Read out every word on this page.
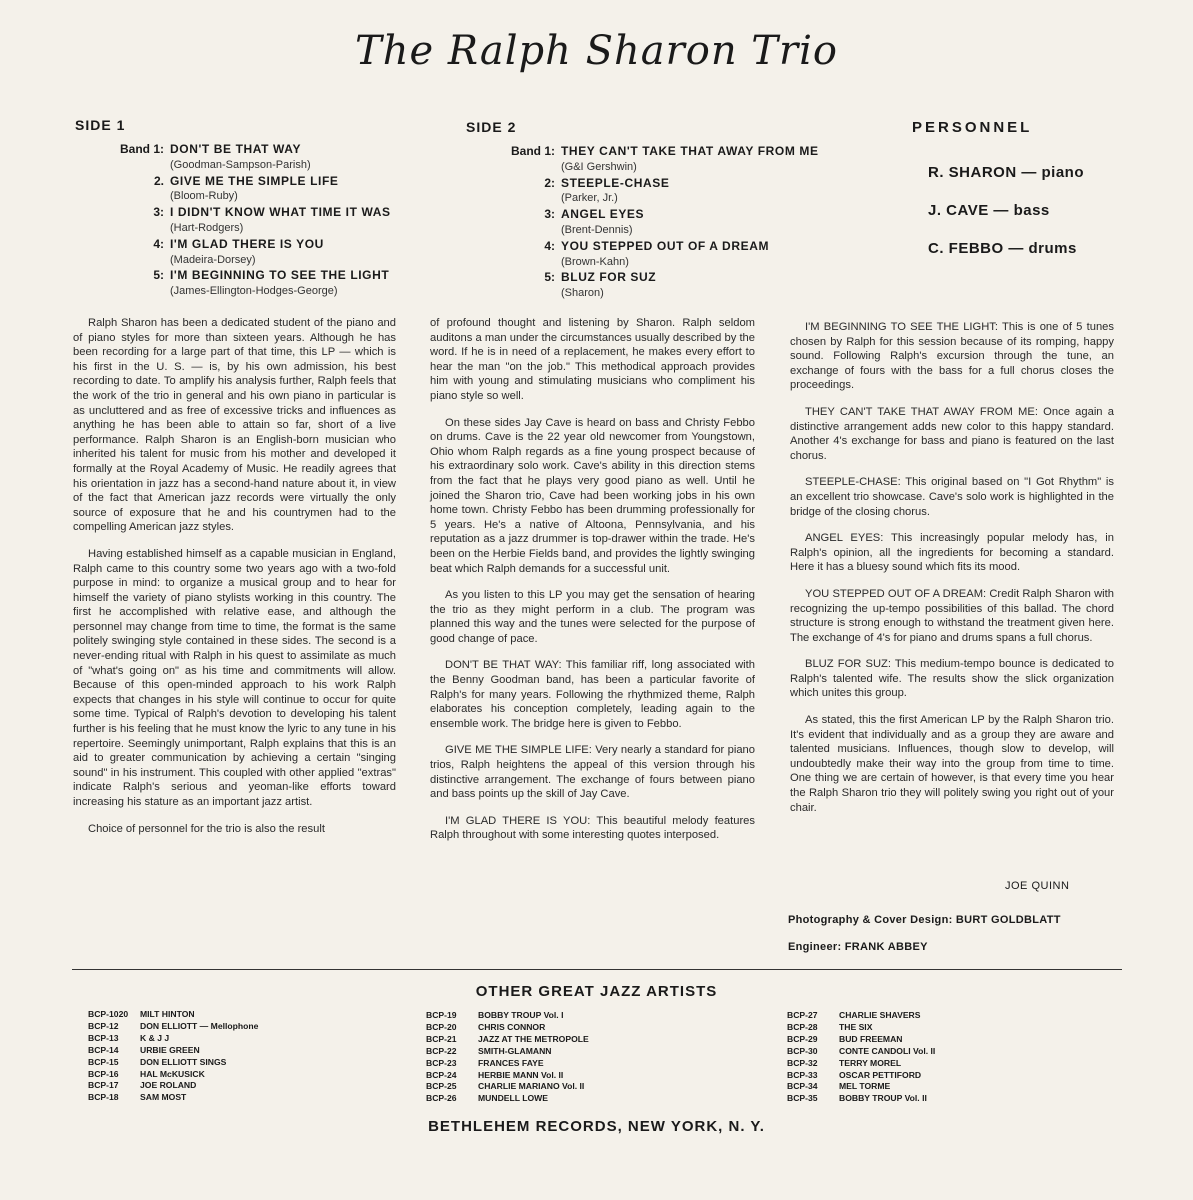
The Ralph Sharon Trio
SIDE 1
Band 1: DON'T BE THAT WAY
(Goodman-Sampson-Parish)
2. GIVE ME THE SIMPLE LIFE
(Bloom-Ruby)
3: I DIDN'T KNOW WHAT TIME IT WAS
(Hart-Rodgers)
4: I'M GLAD THERE IS YOU
(Madeira-Dorsey)
5: I'M BEGINNING TO SEE THE LIGHT
(James-Ellington-Hodges-George)
SIDE 2
Band 1: THEY CAN'T TAKE THAT AWAY FROM ME
(G&I Gershwin)
2: STEEPLE-CHASE
(Parker, Jr.)
3: ANGEL EYES
(Brent-Dennis)
4: YOU STEPPED OUT OF A DREAM
(Brown-Kahn)
5: BLUZ FOR SUZ
(Sharon)
PERSONNEL
R. SHARON — piano
J. CAVE — bass
C. FEBBO — drums

Ralph Sharon has been a dedicated student of the piano and of piano styles for more than sixteen years. Although he has been recording for a large part of that time, this LP — which is his first in the U. S. — is, by his own admission, his best recording to date. To amplify his analysis further, Ralph feels that the work of the trio in general and his own piano in particular is as uncluttered and as free of excessive tricks and influences as anything he has been able to attain so far, short of a live performance. Ralph Sharon is an English-born musician who inherited his talent for music from his mother and developed it formally at the Royal Academy of Music. He readily agrees that his orientation in jazz has a second-hand nature about it, in view of the fact that American jazz records were virtually the only source of exposure that he and his countrymen had to the compelling American jazz styles.

Having established himself as a capable musician in England, Ralph came to this country some two years ago with a two-fold purpose in mind: to organize a musical group and to hear for himself the variety of piano stylists working in this country. The first he accomplished with relative ease, and although the personnel may change from time to time, the format is the same politely swinging style contained in these sides. The second is a never-ending ritual with Ralph in his quest to assimilate as much of "what's going on" as his time and commitments will allow. Because of this open-minded approach to his work Ralph expects that changes in his style will continue to occur for quite some time. Typical of Ralph's devotion to developing his talent further is his feeling that he must know the lyric to any tune in his repertoire. Seemingly unimportant, Ralph explains that this is an aid to greater communication by achieving a certain "singing sound" in his instrument. This coupled with other applied "extras" indicate Ralph's serious and yeoman-like efforts toward increasing his stature as an important jazz artist.

Choice of personnel for the trio is also the result

of profound thought and listening by Sharon. Ralph seldom auditons a man under the circumstances usually described by the word. If he is in need of a replacement, he makes every effort to hear the man "on the job." This methodical approach provides him with young and stimulating musicians who compliment his piano style so well.

On these sides Jay Cave is heard on bass and Christy Febbo on drums. Cave is the 22 year old newcomer from Youngstown, Ohio whom Ralph regards as a fine young prospect because of his extraordinary solo work. Cave's ability in this direction stems from the fact that he plays very good piano as well. Until he joined the Sharon trio, Cave had been working jobs in his own home town. Christy Febbo has been drumming professionally for 5 years. He's a native of Altoona, Pennsylvania, and his reputation as a jazz drummer is top-drawer within the trade. He's been on the Herbie Fields band, and provides the lightly swinging beat which Ralph demands for a successful unit.

As you listen to this LP you may get the sensation of hearing the trio as they might perform in a club. The program was planned this way and the tunes were selected for the purpose of good change of pace.

DON'T BE THAT WAY: This familiar riff, long associated with the Benny Goodman band, has been a particular favorite of Ralph's for many years. Following the rhythmized theme, Ralph elaborates his conception completely, leading again to the ensemble work. The bridge here is given to Febbo.

GIVE ME THE SIMPLE LIFE: Very nearly a standard for piano trios, Ralph heightens the appeal of this version through his distinctive arrangement. The exchange of fours between piano and bass points up the skill of Jay Cave.

I'M GLAD THERE IS YOU: This beautiful melody features Ralph throughout with some interesting quotes interposed.

I'M BEGINNING TO SEE THE LIGHT: This is one of 5 tunes chosen by Ralph for this session because of its romping, happy sound. Following Ralph's excursion through the tune, an exchange of fours with the bass for a full chorus closes the proceedings.

THEY CAN'T TAKE THAT AWAY FROM ME: Once again a distinctive arrangement adds new color to this happy standard. Another 4's exchange for bass and piano is featured on the last chorus.

STEEPLE-CHASE: This original based on "I Got Rhythm" is an excellent trio showcase. Cave's solo work is highlighted in the bridge of the closing chorus.

ANGEL EYES: This increasingly popular melody has, in Ralph's opinion, all the ingredients for becoming a standard. Here it has a bluesy sound which fits its mood.

YOU STEPPED OUT OF A DREAM: Credit Ralph Sharon with recognizing the up-tempo possibilities of this ballad. The chord structure is strong enough to withstand the treatment given here. The exchange of 4's for piano and drums spans a full chorus.

BLUZ FOR SUZ: This medium-tempo bounce is dedicated to Ralph's talented wife. The results show the slick organization which unites this group.

As stated, this the first American LP by the Ralph Sharon trio. It's evident that individually and as a group they are aware and talented musicians. Influences, though slow to develop, will undoubtedly make their way into the group from time to time. One thing we are certain of however, is that every time you hear the Ralph Sharon trio they will politely swing you right out of your chair.

JOE QUINN
Photography & Cover Design: BURT GOLDBLATT
Engineer: FRANK ABBEY
OTHER GREAT JAZZ ARTISTS
BCP-1020	MILT HINTON
BCP-12	DON ELLIOTT — Mellophone
BCP-13	K & J J
BCP-14	URBIE GREEN
BCP-15	DON ELLIOTT SINGS
BCP-16	HAL McKUSICK
BCP-17	JOE ROLAND
BCP-18	SAM MOST
BCP-19	BOBBY TROUP Vol. I
BCP-20	CHRIS CONNOR
BCP-21	JAZZ AT THE METROPOLE
BCP-22	SMITH-GLAMANN
BCP-23	FRANCES FAYE
BCP-24	HERBIE MANN Vol. II
BCP-25	CHARLIE MARIANO Vol. II
BCP-26	MUNDELL LOWE
BCP-27	CHARLIE SHAVERS
BCP-28	THE SIX
BCP-29	BUD FREEMAN
BCP-30	CONTE CANDOLI Vol. II
BCP-32	TERRY MOREL
BCP-33	OSCAR PETTIFORD
BCP-34	MEL TORME
BCP-35	BOBBY TROUP Vol. II
BETHLEHEM RECORDS, NEW YORK, N. Y.
